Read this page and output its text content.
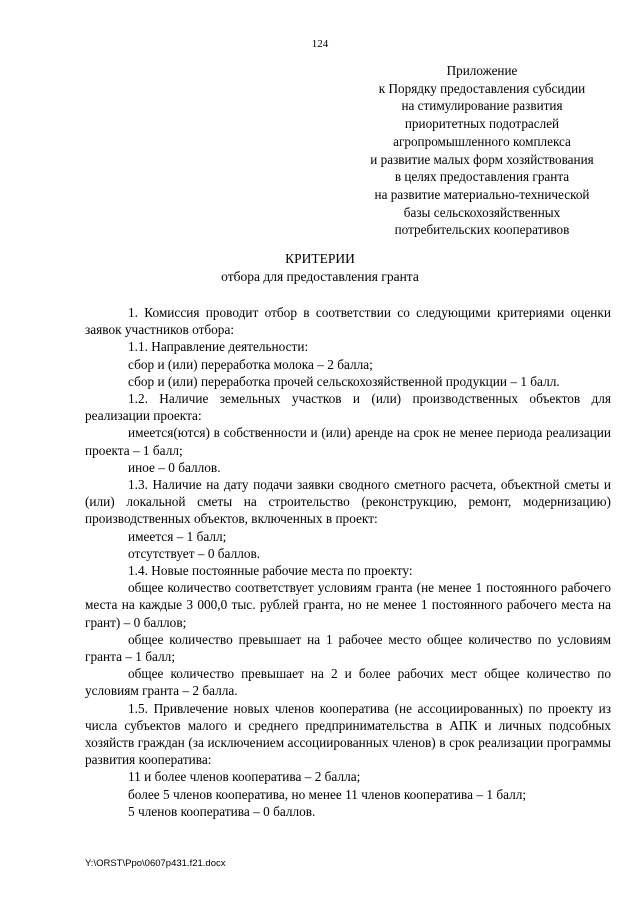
124
Приложение
к Порядку предоставления субсидии
на стимулирование развития
приоритетных подотраслей
агропромышленного комплекса
и развитие малых форм хозяйствования
в целях предоставления гранта
на развитие материально-технической
базы сельскохозяйственных
потребительских кооперативов
КРИТЕРИИ
отбора для предоставления гранта

1. Комиссия проводит отбор в соответствии со следующими критериями оценки заявок участников отбора:

1.1. Направление деятельности:

сбор и (или) переработка молока – 2 балла;

сбор и (или) переработка прочей сельскохозяйственной продукции – 1 балл.

1.2. Наличие земельных участков и (или) производственных объектов для реализации проекта:

имеется(ются) в собственности и (или) аренде на срок не менее периода реализации проекта – 1 балл;

иное – 0 баллов.

1.3. Наличие на дату подачи заявки сводного сметного расчета, объектной сметы и (или) локальной сметы на строительство (реконструкцию, ремонт, модернизацию) производственных объектов, включенных в проект:

имеется – 1 балл;

отсутствует – 0 баллов.

1.4. Новые постоянные рабочие места по проекту:

общее количество соответствует условиям гранта (не менее 1 постоянного рабочего места на каждые 3 000,0 тыс. рублей гранта, но не менее 1 постоянного рабочего места на грант) – 0 баллов;

общее количество превышает на 1 рабочее место общее количество по условиям гранта – 1 балл;

общее количество превышает на 2 и более рабочих мест общее количество по условиям гранта – 2 балла.

1.5. Привлечение новых членов кооператива (не ассоциированных) по проекту из числа субъектов малого и среднего предпринимательства в АПК и личных подсобных хозяйств граждан (за исключением ассоциированных членов) в срок реализации программы развития кооператива:

11 и более членов кооператива – 2 балла;

более 5 членов кооператива, но менее 11 членов кооператива – 1 балл;

5 членов кооператива – 0 баллов.

Y:\ORST\Ppo\0607p431.f21.docx
